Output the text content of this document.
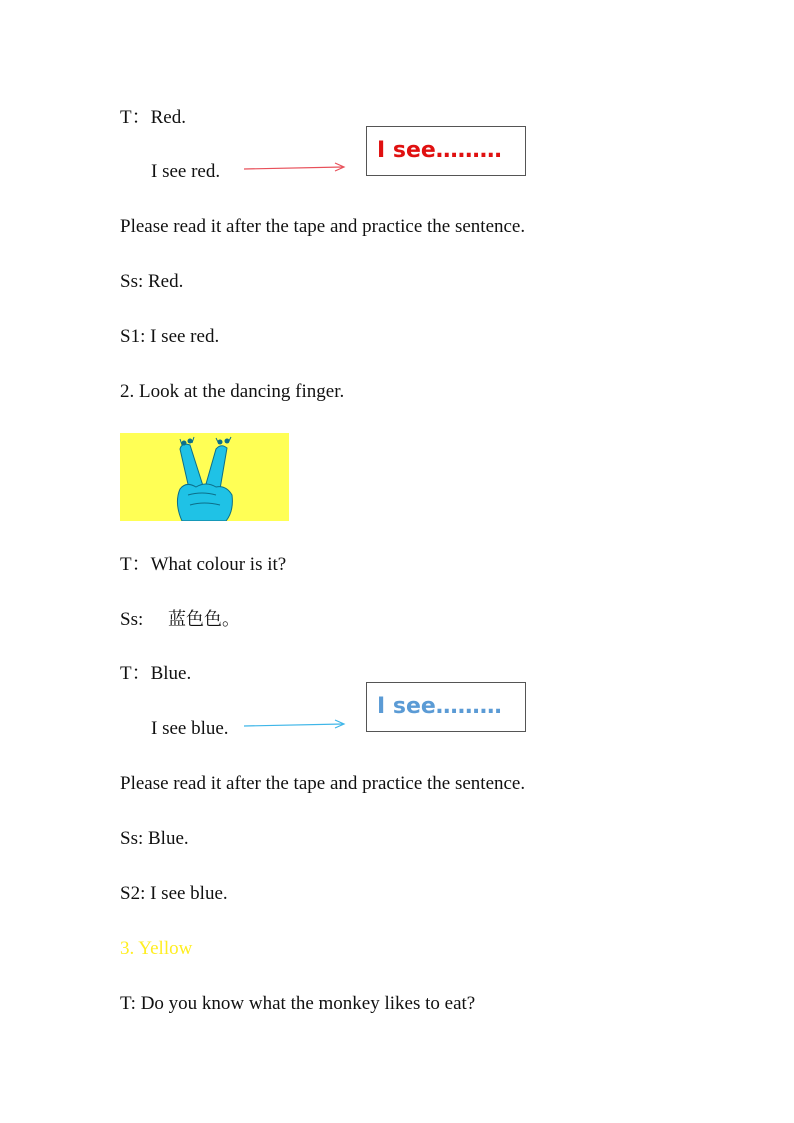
T：Red.
I see red.
I see………
Please read it after the tape and practice the sentence.
Ss: Red.
S1: I see red.
2. Look at the dancing finger.
T：What colour is it?
Ss: 蓝色色。
T：Blue.
I see blue.
I see………
Please read it after the tape and practice the sentence.
Ss: Blue.
S2: I see blue.
3. Yellow
T: Do you know what the monkey likes to eat?
